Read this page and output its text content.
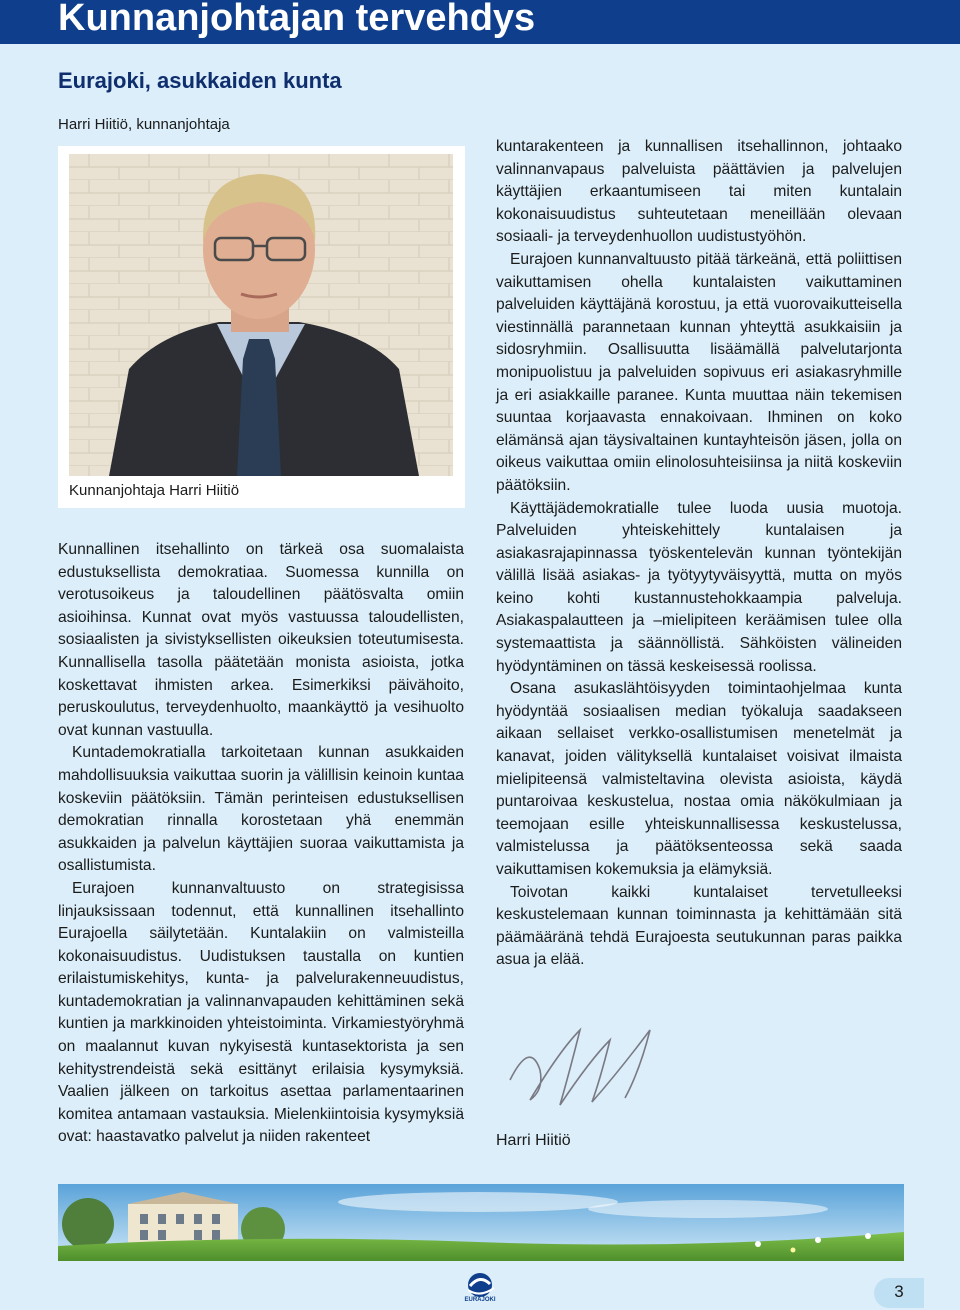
Kunnanjohtajan tervehdys
Eurajoki, asukkaiden kunta
Harri Hiitiö, kunnanjohtaja
Kunnanjohtaja Harri Hiitiö

Kunnallinen itsehallinto on tärkeä osa suomalaista edustuksellista demokratiaa. Suomessa kunnilla on verotusoikeus ja taloudellinen päätösvalta omiin asioihinsa. Kunnat ovat myös vastuussa taloudellisten, sosiaalisten ja sivistyksellisten oikeuksien toteutumisesta. Kunnallisella tasolla päätetään monista asioista, jotka koskettavat ihmisten arkea. Esimerkiksi päivähoito, peruskoulutus, terveydenhuolto, maankäyttö ja vesihuolto ovat kunnan vastuulla.

Kuntademokratialla tarkoitetaan kunnan asukkaiden mahdollisuuksia vaikuttaa suorin ja välillisin keinoin kuntaa koskeviin päätöksiin. Tämän perinteisen edustuksellisen demokratian rinnalla korostetaan yhä enemmän asukkaiden ja palvelun käyttäjien suoraa vaikuttamista ja osallistumista.

Eurajoen kunnanvaltuusto on strategisissa linjauksissaan todennut, että kunnallinen itsehallinto Eurajoella säilytetään. Kuntalakiin on valmisteilla kokonaisuudistus. Uudistuksen taustalla on kuntien erilaistumiskehitys, kunta- ja palvelurakenneuudistus, kuntademokratian ja valinnanvapauden kehittäminen sekä kuntien ja markkinoiden yhteistoiminta. Virkamiestyöryhmä on maalannut kuvan nykyisestä kuntasektorista ja sen kehitystrendeistä sekä esittänyt erilaisia kysymyksiä. Vaalien jälkeen on tarkoitus asettaa parlamentaarinen komitea antamaan vastauksia. Mielenkiintoisia kysymyksiä ovat: haastavatko palvelut ja niiden rakenteet

kuntarakenteen ja kunnallisen itsehallinnon, johtaako valinnanvapaus palveluista päättävien ja palvelujen käyttäjien erkaantumiseen tai miten kuntalain kokonaisuudistus suhteutetaan meneillään olevaan sosiaali- ja terveydenhuollon uudistustyöhön.

Eurajoen kunnanvaltuusto pitää tärkeänä, että poliittisen vaikuttamisen ohella kuntalaisten vaikuttaminen palveluiden käyttäjänä korostuu, ja että vuorovaikutteisella viestinnällä parannetaan kunnan yhteyttä asukkaisiin ja sidosryhmiin. Osallisuutta lisäämällä palvelutarjonta monipuolistuu ja palveluiden sopivuus eri asiakasryhmille ja eri asiakkaille paranee. Kunta muuttaa näin tekemisen suuntaa korjaavasta ennakoivaan. Ihminen on koko elämänsä ajan täysivaltainen kuntayhteisön jäsen, jolla on oikeus vaikuttaa omiin elinolosuhteisiinsa ja niitä koskeviin päätöksiin.

Käyttäjädemokratialle tulee luoda uusia muotoja. Palveluiden yhteiskehittely kuntalaisen ja asiakasrajapinnassa työskentelevän kunnan työntekijän välillä lisää asiakas- ja työtyytyväisyyttä, mutta on myös keino kohti kustannustehokkaampia palveluja. Asiakaspalautteen ja –mielipiteen keräämisen tulee olla systemaattista ja säännöllistä. Sähköisten välineiden hyödyntäminen on tässä keskeisessä roolissa.

Osana asukaslähtöisyyden toimintaohjelmaa kunta hyödyntää sosiaalisen median työkaluja saadakseen aikaan sellaiset verkko-osallistumisen menetelmät ja kanavat, joiden välityksellä kuntalaiset voisivat ilmaista mielipiteensä valmisteltavina olevista asioista, käydä puntaroivaa keskustelua, nostaa omia näkökulmiaan ja teemojaan esille yhteiskunnallisessa keskustelussa, valmistelussa ja päätöksenteossa sekä saada vaikuttamisen kokemuksia ja elämyksiä.

Toivotan kaikki kuntalaiset tervetulleeksi keskustelemaan kunnan toiminnasta ja kehittämään sitä päämääränä tehdä Eurajoesta seutukunnan paras paikka asua ja elää.

Harri Hiitiö
EURAJOKI	3
